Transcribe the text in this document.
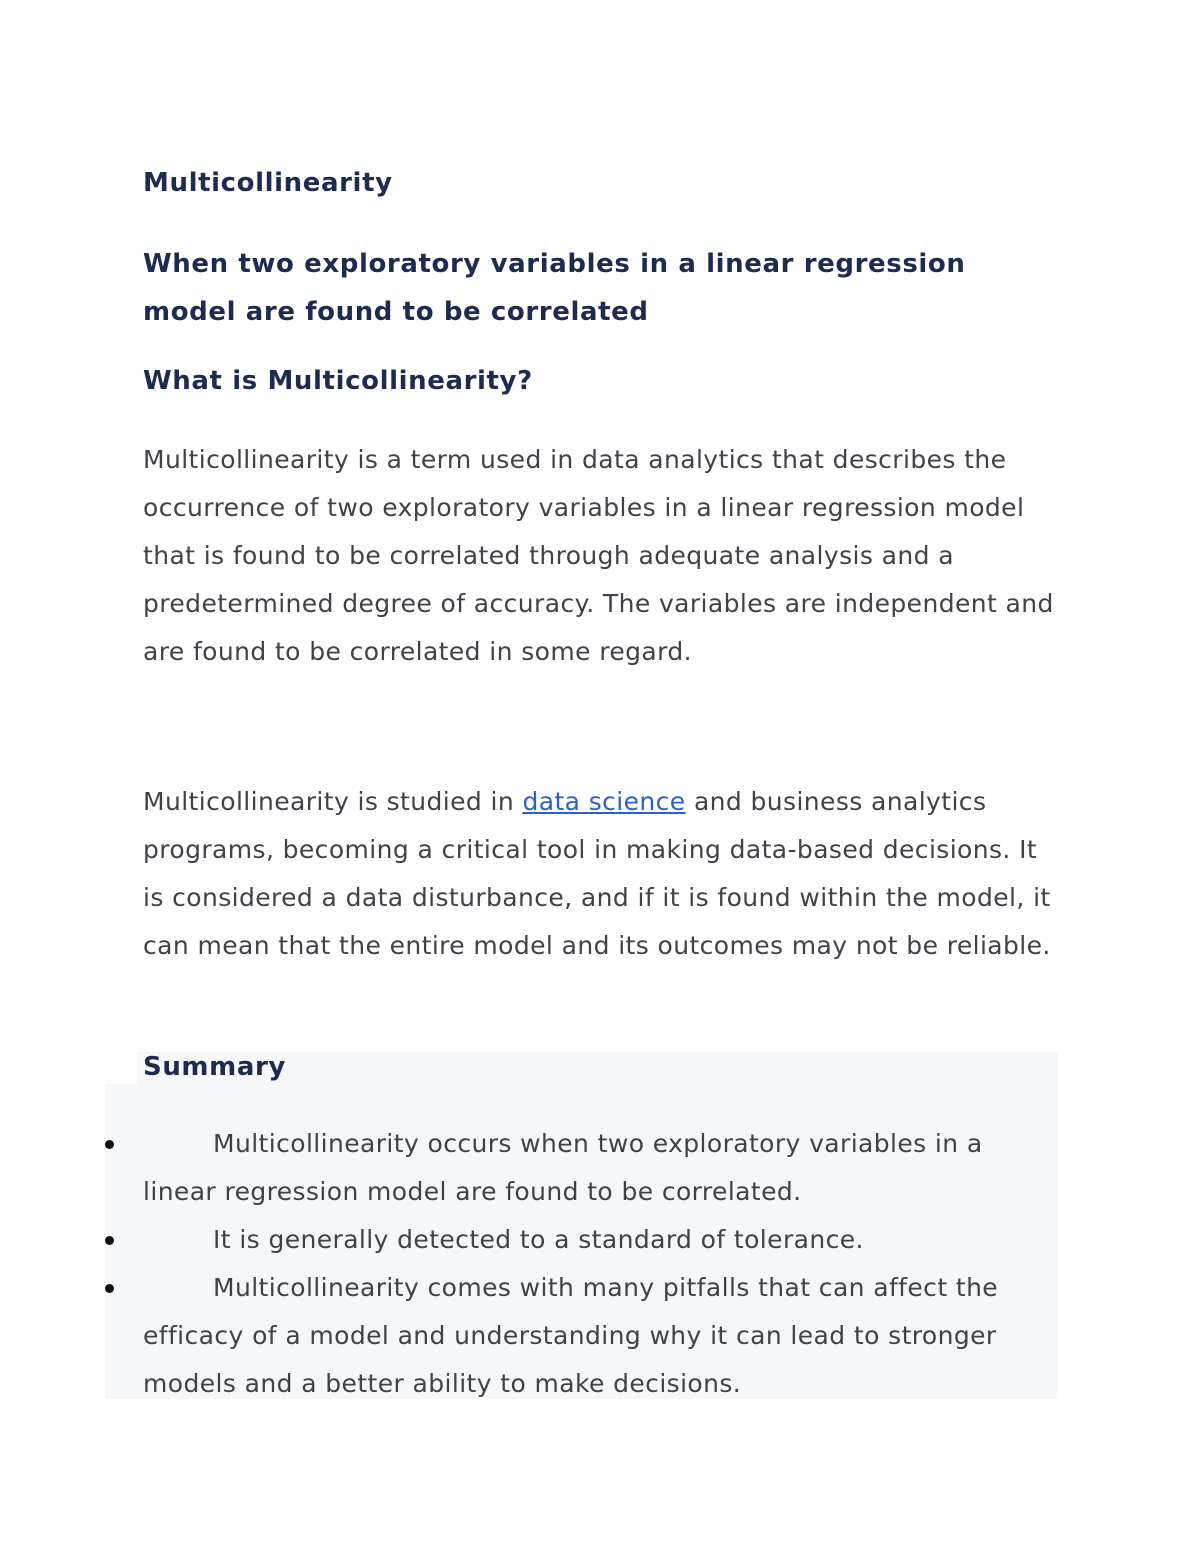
Multicollinearity
When two exploratory variables in a linear regression model are found to be correlated
What is Multicollinearity?

Multicollinearity is a term used in data analytics that describes the occurrence of two exploratory variables in a linear regression model that is found to be correlated through adequate analysis and a predetermined degree of accuracy. The variables are independent and are found to be correlated in some regard.

Multicollinearity is studied in data science and business analytics programs, becoming a critical tool in making data-based decisions. It is considered a data disturbance, and if it is found within the model, it can mean that the entire model and its outcomes may not be reliable.

Summary
Multicollinearity occurs when two exploratory variables in a linear regression model are found to be correlated.
It is generally detected to a standard of tolerance.
Multicollinearity comes with many pitfalls that can affect the efficacy of a model and understanding why it can lead to stronger models and a better ability to make decisions.
